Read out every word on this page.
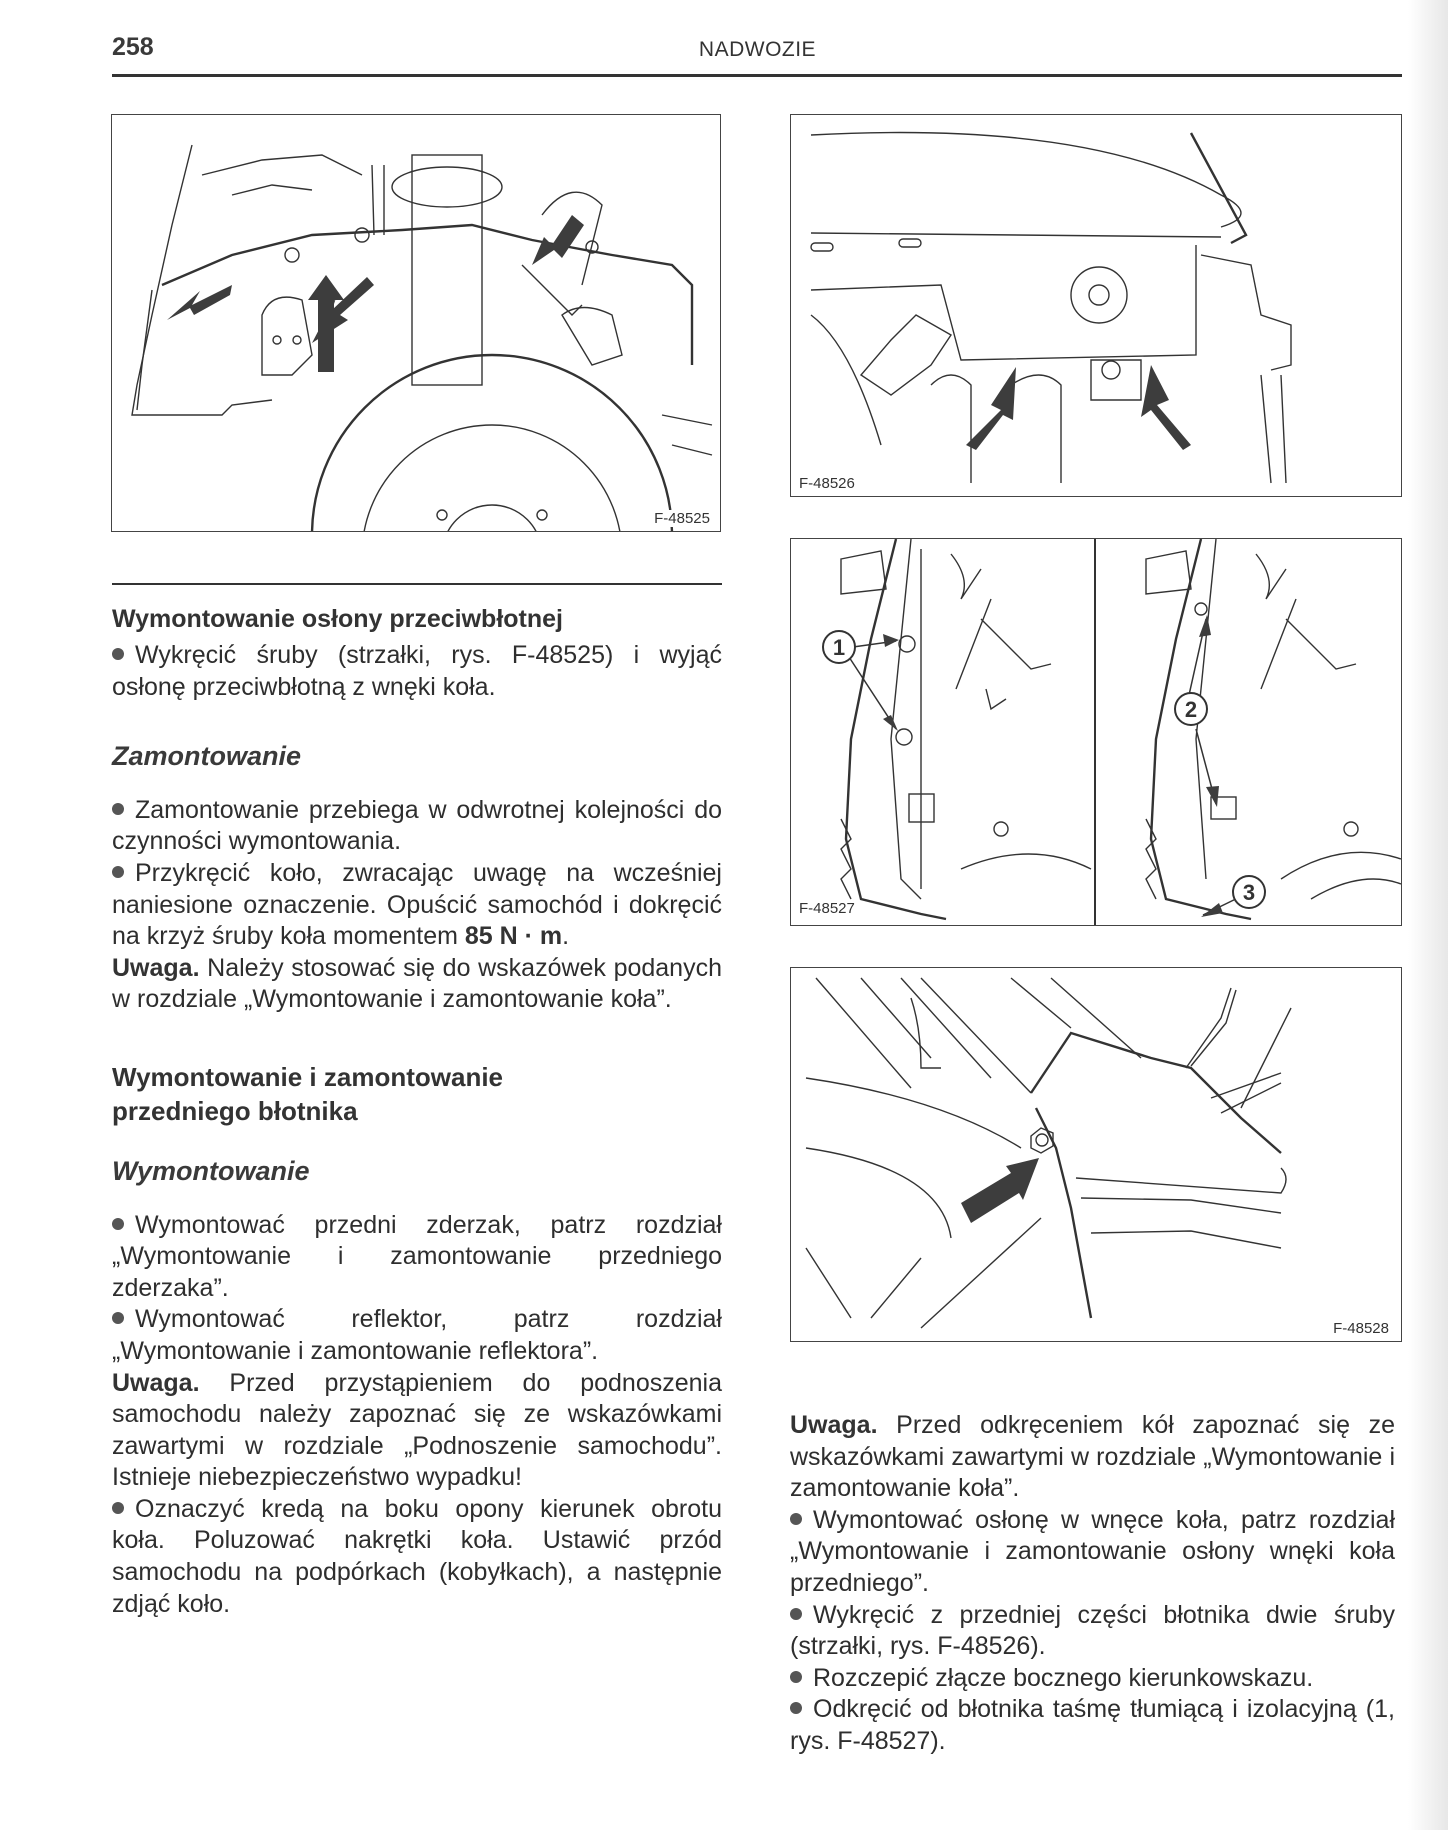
258	NADWOZIE
F-48525
F-48526
1
2
3
F-48527
F-48528

Wymontowanie osłony przeciwbłotnej

Wykręcić śruby (strzałki, rys. F-48525) i wyjąć osłonę przeciwbłotną z wnęki koła.

Zamontowanie

Zamontowanie przebiega w odwrotnej kolejności do czynności wymontowania.

Przykręcić koło, zwracając uwagę na wcześniej naniesione oznaczenie. Opuścić samochód i dokręcić na krzyż śruby koła momentem 85 N · m.

Uwaga. Należy stosować się do wskazówek podanych w rozdziale „Wymontowanie i zamontowanie koła”.

Wymontowanie i zamontowanie
przedniego błotnika

Wymontowanie

Wymontować przedni zderzak, patrz rozdział „Wymontowanie i zamontowanie przedniego zderzaka”.

Wymontować reflektor, patrz rozdział „Wymontowanie i zamontowanie reflektora”.

Uwaga. Przed przystąpieniem do podnoszenia samochodu należy zapoznać się ze wskazówkami zawartymi w rozdziale „Podnoszenie samochodu”. Istnieje niebezpieczeństwo wypadku!

Oznaczyć kredą na boku opony kierunek obrotu koła. Poluzować nakrętki koła. Ustawić przód samochodu na podpórkach (kobyłkach), a następnie zdjąć koło.

Uwaga. Przed odkręceniem kół zapoznać się ze wskazówkami zawartymi w rozdziale „Wymontowanie i zamontowanie koła”.

Wymontować osłonę w wnęce koła, patrz rozdział „Wymontowanie i zamontowanie osłony wnęki koła przedniego”.

Wykręcić z przedniej części błotnika dwie śruby (strzałki, rys. F-48526).

Rozczepić złącze bocznego kierunkowskazu.

Odkręcić od błotnika taśmę tłumiącą i izolacyjną (1, rys. F-48527).
